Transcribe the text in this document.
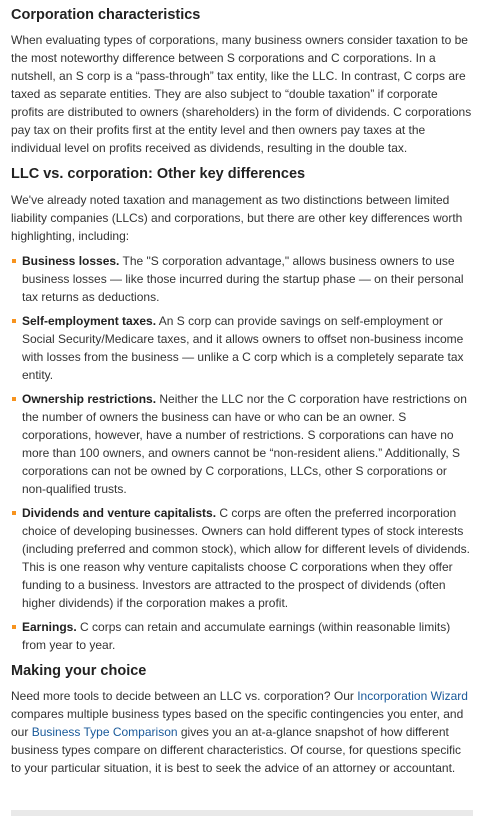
Corporation characteristics

When evaluating types of corporations, many business owners consider taxation to be the most noteworthy difference between S corporations and C corporations. In a nutshell, an S corp is a “pass-through” tax entity, like the LLC. In contrast, C corps are taxed as separate entities. They are also subject to “double taxation” if corporate profits are distributed to owners (shareholders) in the form of dividends. C corporations pay tax on their profits first at the entity level and then owners pay taxes at the individual level on profits received as dividends, resulting in the double tax.

LLC vs. corporation: Other key differences

We've already noted taxation and management as two distinctions between limited liability companies (LLCs) and corporations, but there are other key differences worth highlighting, including:

Business losses. The "S corporation advantage," allows business owners to use business losses — like those incurred during the startup phase — on their personal tax returns as deductions.
Self-employment taxes. An S corp can provide savings on self-employment or Social Security/Medicare taxes, and it allows owners to offset non-business income with losses from the business — unlike a C corp which is a completely separate tax entity.
Ownership restrictions. Neither the LLC nor the C corporation have restrictions on the number of owners the business can have or who can be an owner. S corporations, however, have a number of restrictions. S corporations can have no more than 100 owners, and owners cannot be “non-resident aliens.” Additionally, S corporations can not be owned by C corporations, LLCs, other S corporations or non-qualified trusts.
Dividends and venture capitalists. C corps are often the preferred incorporation choice of developing businesses. Owners can hold different types of stock interests (including preferred and common stock), which allow for different levels of dividends. This is one reason why venture capitalists choose C corporations when they offer funding to a business. Investors are attracted to the prospect of dividends (often higher dividends) if the corporation makes a profit.
Earnings. C corps can retain and accumulate earnings (within reasonable limits) from year to year.
Making your choice

Need more tools to decide between an LLC vs. corporation? Our Incorporation Wizard compares multiple business types based on the specific contingencies you enter, and our Business Type Comparison gives you an at-a-glance snapshot of how different business types compare on different characteristics. Of course, for questions specific to your particular situation, it is best to seek the advice of an attorney or accountant.
